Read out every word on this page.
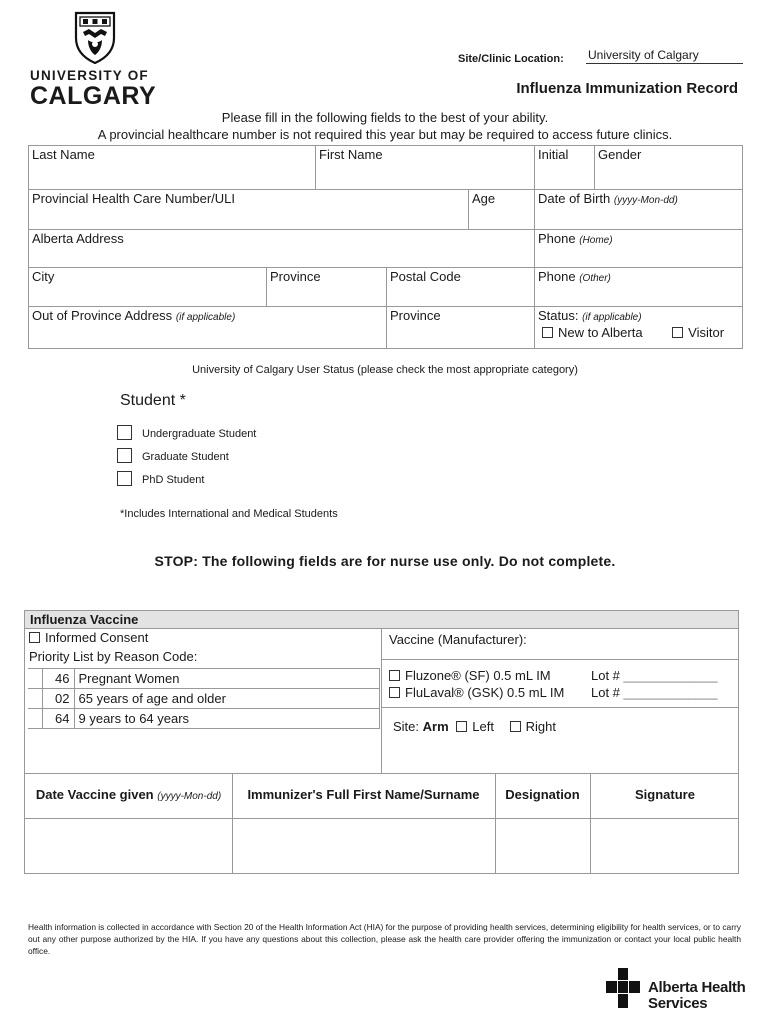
UNIVERSITY OF
CALGARY
Site/Clinic Location: University of Calgary
Influenza Immunization Record
Please fill in the following fields to the best of your ability.
A provincial healthcare number is not required this year but may be required to access future clinics.
Last Name	First Name	Initial	Gender
Provincial Health Care Number/ULI	Age	Date of Birth (yyyy-Mon-dd)
Alberta Address	Phone (Home)
City	Province	Postal Code	Phone (Other)
Out of Province Address (if applicable)	Province	Status: (if applicable)
New to Alberta	Visitor
University of Calgary User Status (please check the most appropriate category)
Student *
Undergraduate Student
Graduate Student
PhD Student
*Includes International and Medical Students
STOP: The following fields are for nurse use only. Do not complete.
Influenza Vaccine
Informed Consent
Priority List by Reason Code:
	46	Pregnant Women
	02	65 years of age and older
	64	9 years to 64 years
Vaccine (Manufacturer):
Fluzone® (SF) 0.5 mL IM	Lot # _____________
FluLaval® (GSK) 0.5 mL IM Lot # _____________
Site: Arm Left Right
Date Vaccine given (yyyy-Mon-dd)	Immunizer's Full First Name/Surname	Designation	Signature
Health information is collected in accordance with Section 20 of the Health Information Act (HIA) for the purpose of providing health services, determining eligibility for health services, or to carry out any other purpose authorized by the HIA. If you have any questions about this collection, please ask the health care provider offering the immunization or contact your local public health office.
Alberta Health
Services
